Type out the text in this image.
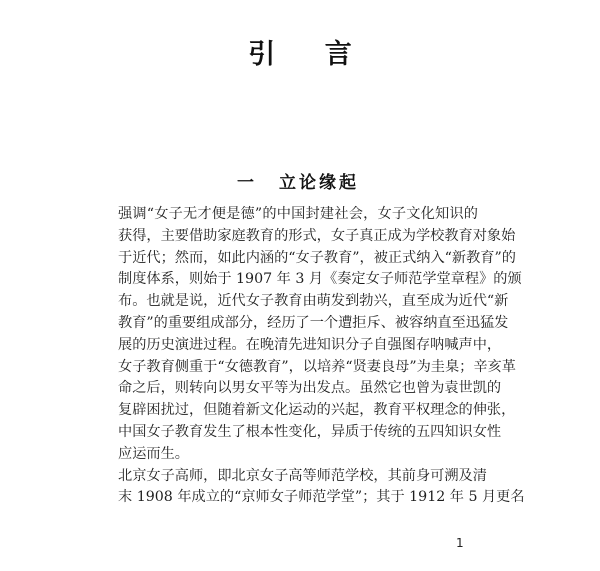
引 言
一 立论缘起
强调“女子无才便是德”的中国封建社会，女子文化知识的
获得，主要借助家庭教育的形式，女子真正成为学校教育对象始
于近代；然而，如此内涵的“女子教育”，被正式纳入“新教育”的
制度体系，则始于 1907 年 3 月《奏定女子师范学堂章程》的颁
布。也就是说，近代女子教育由萌发到勃兴，直至成为近代“新
教育”的重要组成部分，经历了一个遭拒斥、被容纳直至迅猛发
展的历史演进过程。在晚清先进知识分子自强图存呐喊声中，
女子教育侧重于“女德教育”，以培养“贤妻良母”为圭臬；辛亥革
命之后，则转向以男女平等为出发点。虽然它也曾为袁世凯的
复辟困扰过，但随着新文化运动的兴起，教育平权理念的伸张，
中国女子教育发生了根本性变化，异质于传统的五四知识女性
应运而生。
北京女子高师，即北京女子高等师范学校，其前身可溯及清
末 1908 年成立的“京师女子师范学堂”；其于 1912 年 5 月更名
1
